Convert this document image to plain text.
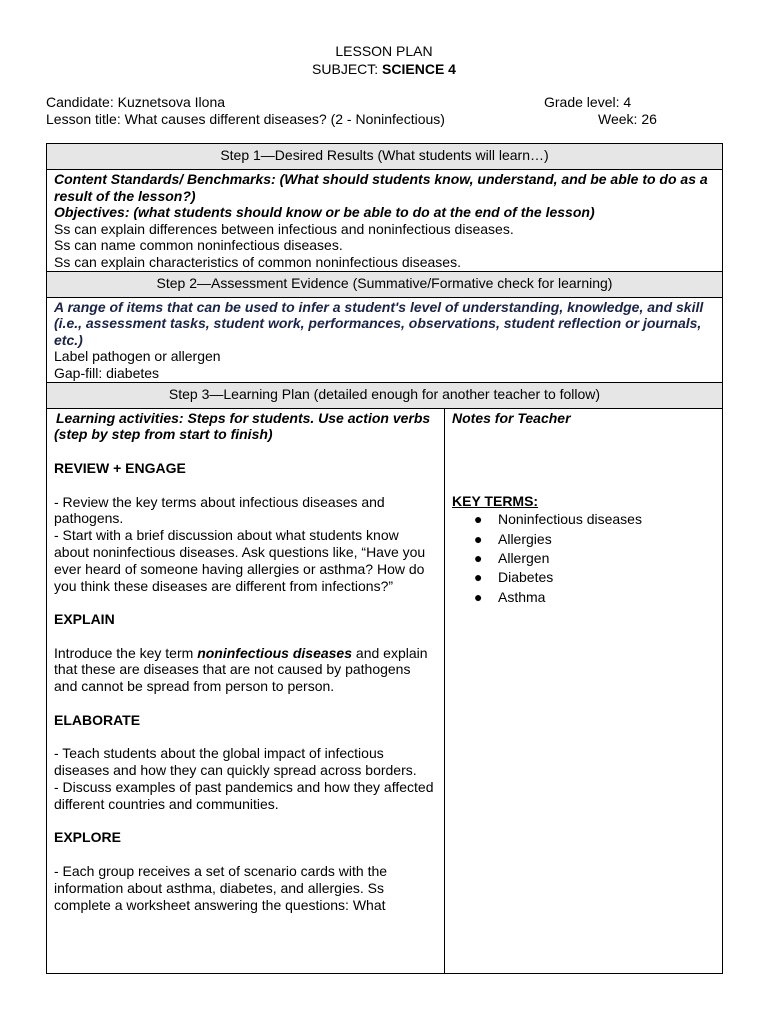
LESSON PLAN
SUBJECT: SCIENCE 4
Candidate: Kuznetsova Ilona	Grade level: 4
Lesson title: What causes different diseases? (2 - Noninfectious)	Week: 26
Step 1—Desired Results (What students will learn…)
Content Standards/ Benchmarks: (What should students know, understand, and be able to do as a result of the lesson?)
Objectives: (what students should know or be able to do at the end of the lesson)
Ss can explain differences between infectious and noninfectious diseases.
Ss can name common noninfectious diseases.
Ss can explain characteristics of common noninfectious diseases.
Step 2—Assessment Evidence (Summative/Formative check for learning)
A range of items that can be used to infer a student's level of understanding, knowledge, and skill (i.e., assessment tasks, student work, performances, observations, student reflection or journals, etc.)
Label pathogen or allergen
Gap-fill: diabetes
Step 3—Learning Plan (detailed enough for another teacher to follow)
Learning activities: Steps for students. Use action verbs (step by step from start to finish)
REVIEW + ENGAGE
- Review the key terms about infectious diseases and pathogens.
- Start with a brief discussion about what students know about noninfectious diseases. Ask questions like, “Have you ever heard of someone having allergies or asthma? How do you think these diseases are different from infections?”
EXPLAIN
Introduce the key term noninfectious diseases and explain that these are diseases that are not caused by pathogens and cannot be spread from person to person.
ELABORATE
- Teach students about the global impact of infectious diseases and how they can quickly spread across borders.
- Discuss examples of past pandemics and how they affected different countries and communities.
EXPLORE
- Each group receives a set of scenario cards with the information about asthma, diabetes, and allergies. Ss complete a worksheet answering the questions: What
Notes for Teacher
KEY TERMS:
● Noninfectious diseases
● Allergies
● Allergen
● Diabetes
● Asthma
